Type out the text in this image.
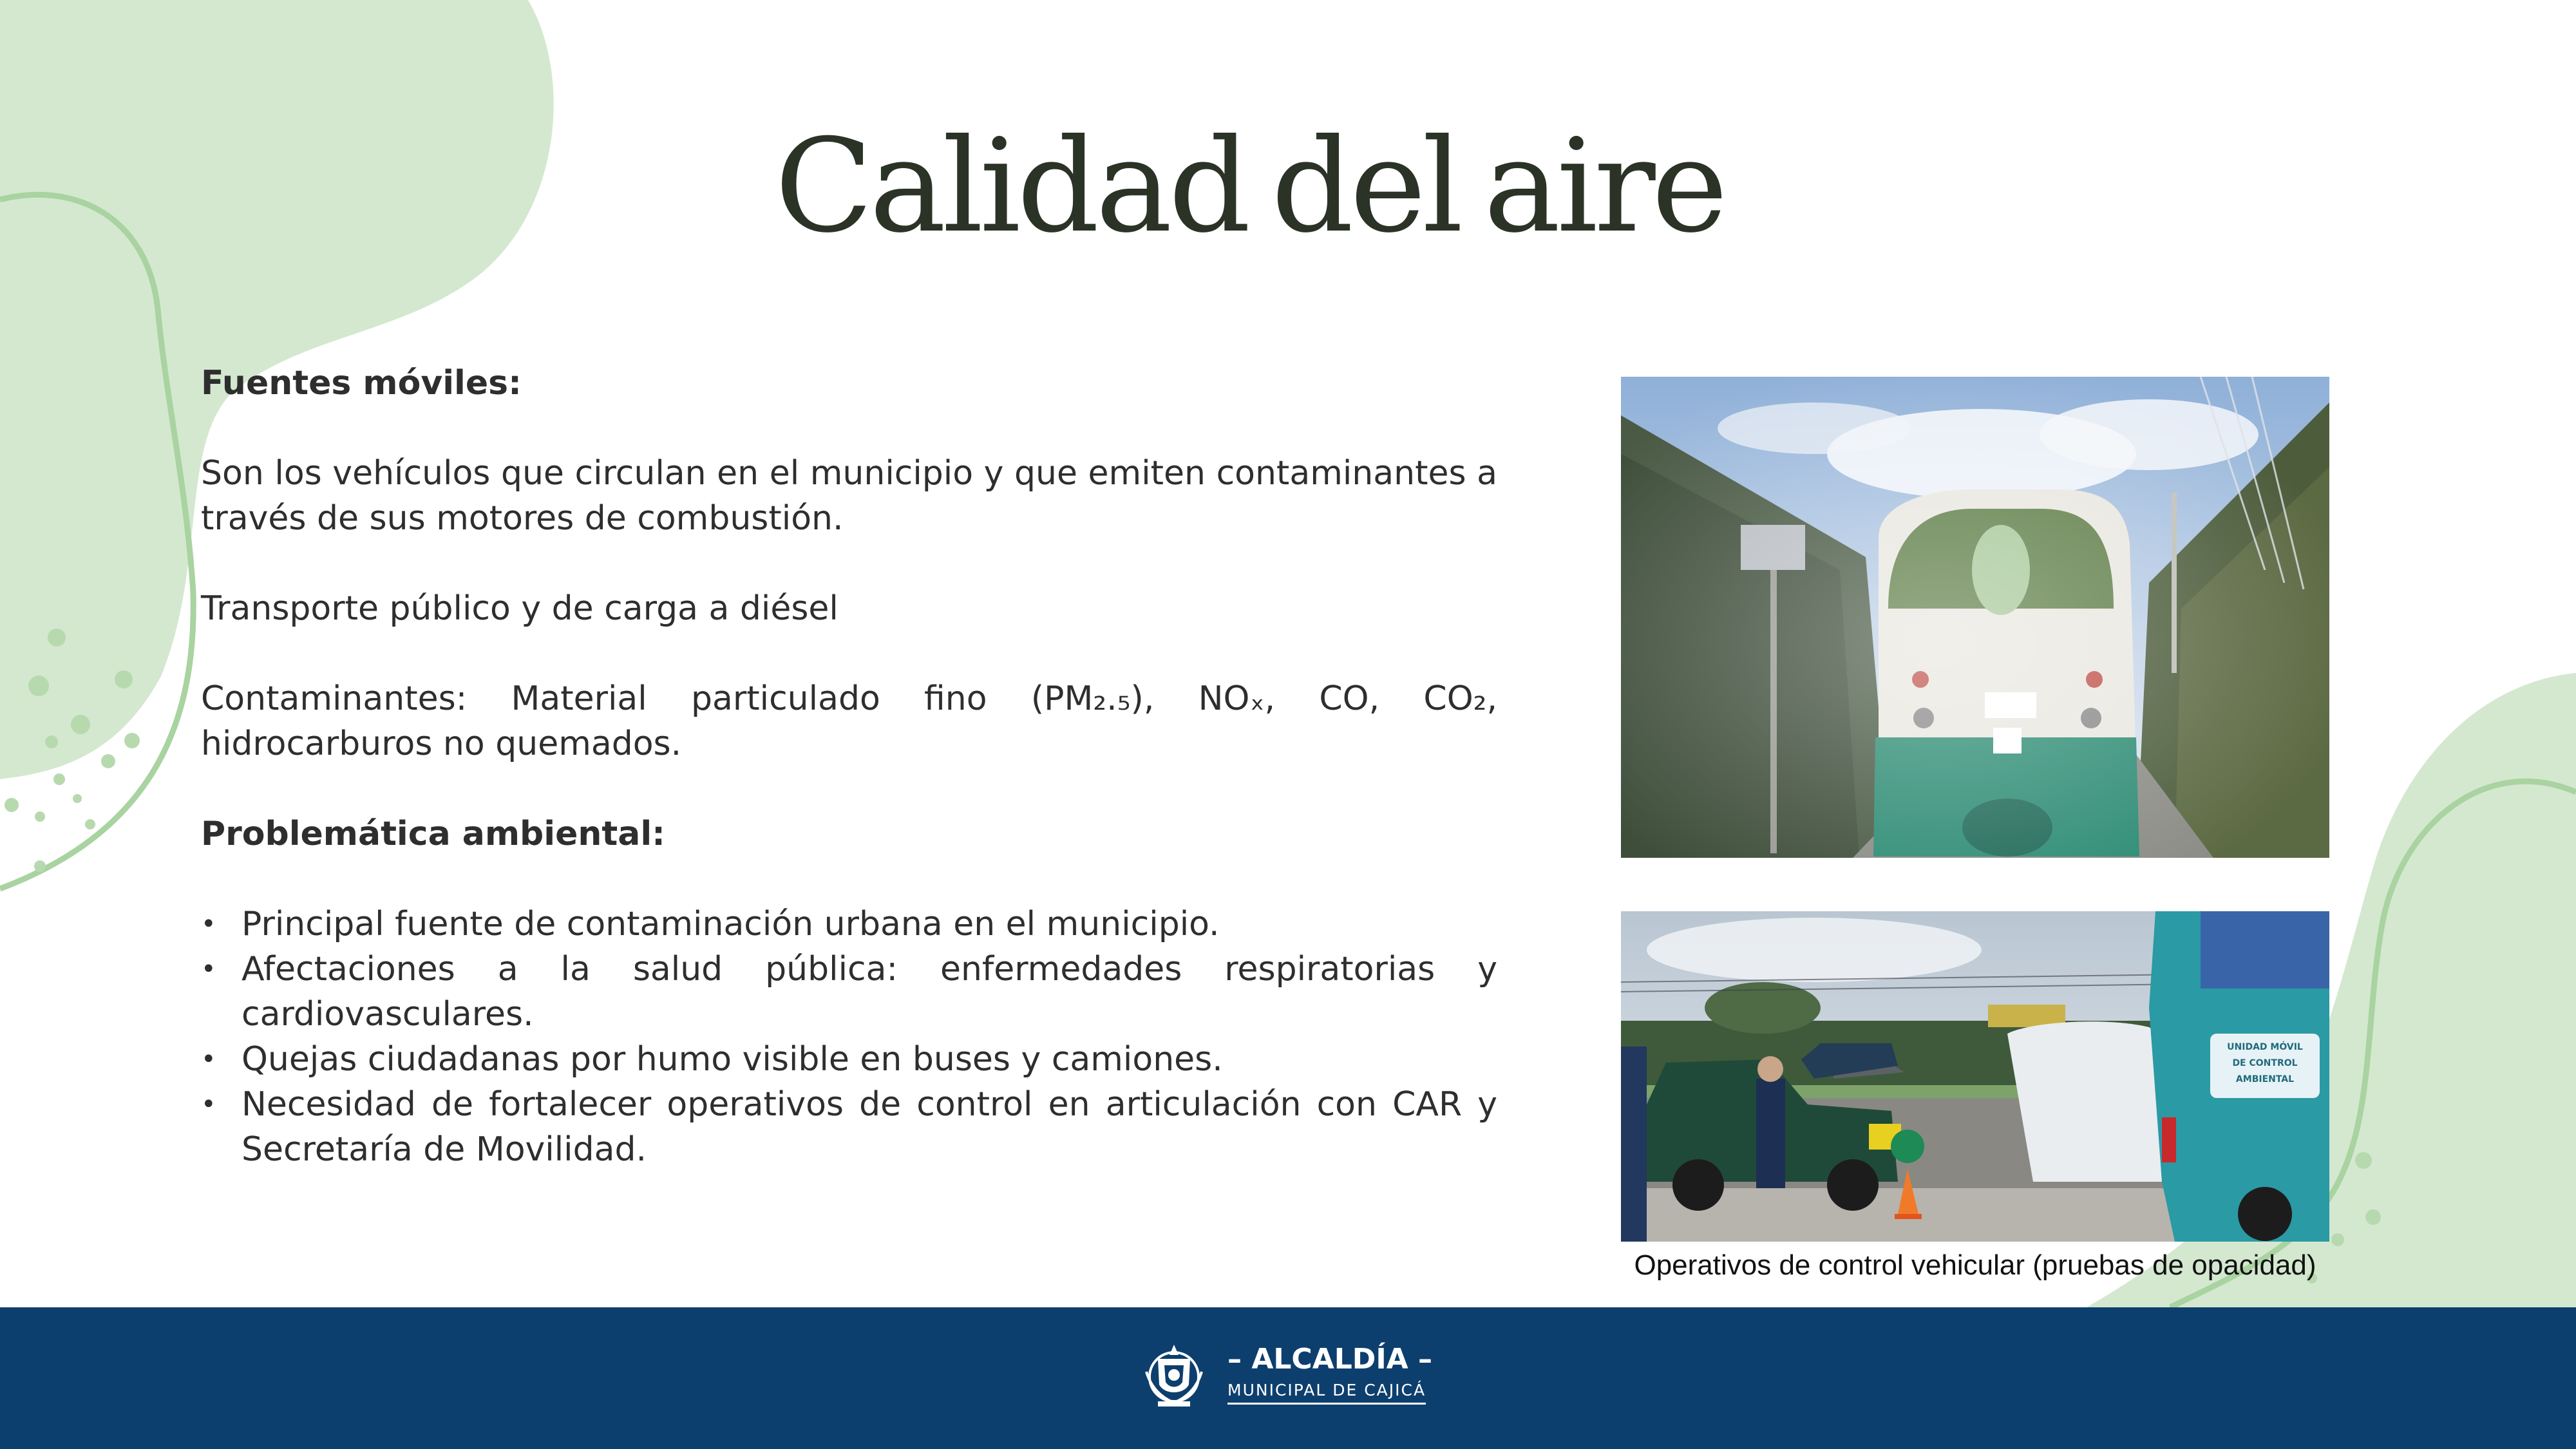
Calidad del aire

Fuentes móviles:

Son los vehículos que circulan en el municipio y que emiten contaminantes a través de sus motores de combustión.

Transporte público y de carga a diésel

Contaminantes: Material particulado fino (PM₂.₅), NOₓ, CO, CO₂, hidrocarburos no quemados.

Problemática ambiental:

• Principal fuente de contaminación urbana en el municipio.
• Afectaciones a la salud pública: enfermedades respiratorias y cardiovasculares.
• Quejas ciudadanas por humo visible en buses y camiones.
• Necesidad de fortalecer operativos de control en articulación con CAR y Secretaría de Movilidad.
UNIDAD MÓVIL
DE CONTROL
AMBIENTAL
Operativos de control vehicular (pruebas de opacidad)
– ALCALDÍA –
MUNICIPAL DE CAJICÁ
